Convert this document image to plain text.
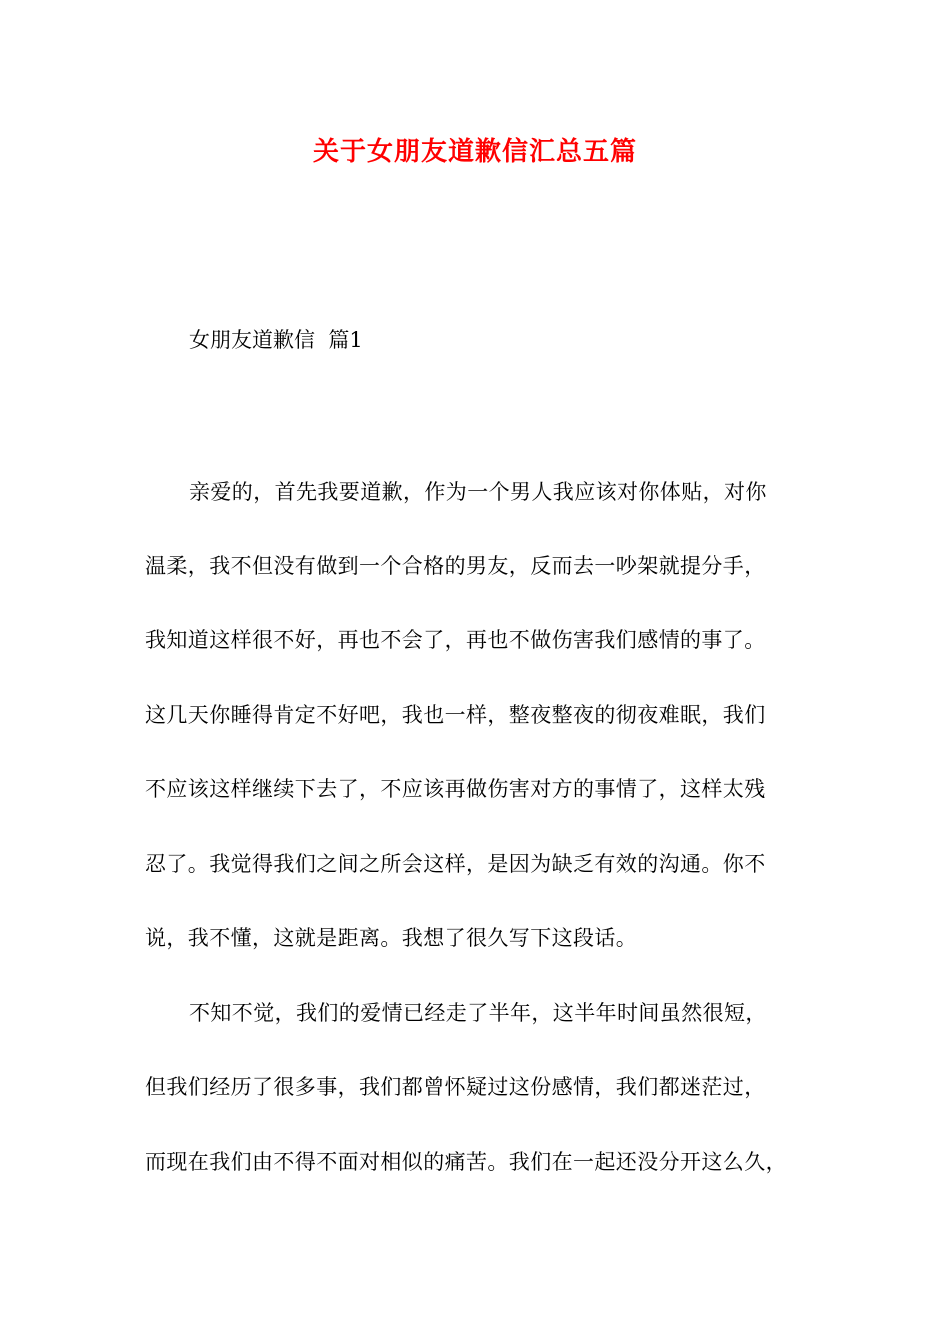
关于女朋友道歉信汇总五篇
女朋友道歉信  篇1
亲爱的，首先我要道歉，作为一个男人我应该对你体贴，对你
温柔，我不但没有做到一个合格的男友，反而去一吵架就提分手，
我知道这样很不好，再也不会了，再也不做伤害我们感情的事了。
这几天你睡得肯定不好吧，我也一样，整夜整夜的彻夜难眠，我们
不应该这样继续下去了，不应该再做伤害对方的事情了，这样太残
忍了。我觉得我们之间之所会这样，是因为缺乏有效的沟通。你不
说，我不懂，这就是距离。我想了很久写下这段话。
不知不觉，我们的爱情已经走了半年，这半年时间虽然很短，
但我们经历了很多事，我们都曾怀疑过这份感情，我们都迷茫过，
而现在我们由不得不面对相似的痛苦。我们在一起还没分开这么久，
